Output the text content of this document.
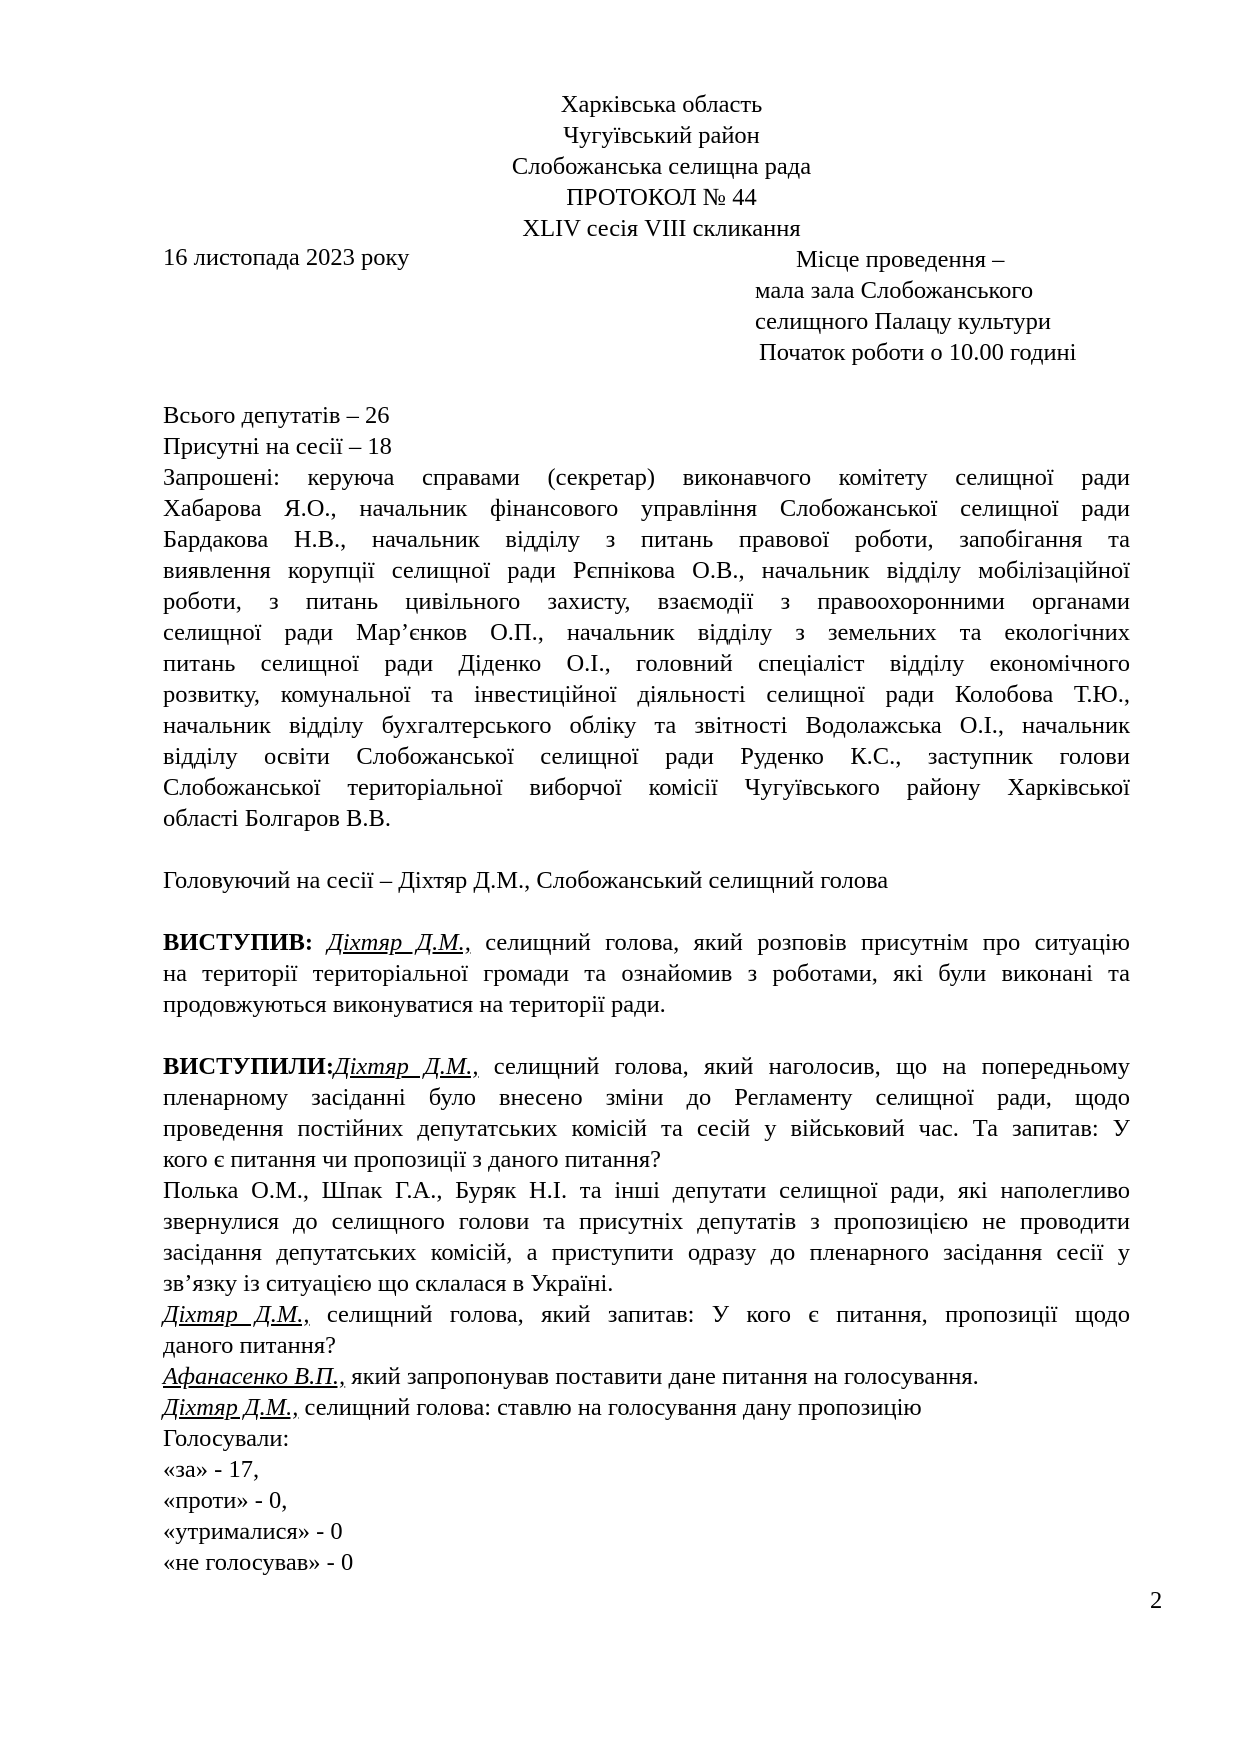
Харківська область
Чугуївський район
Слобожанська селищна рада
ПРОТОКОЛ № 44
XLIV сесія VIII скликання
16 листопада 2023 року	Місце проведення –
мала зала Слобожанського
селищного Палацу культури
Початок роботи о 10.00 годині
Всього депутатів – 26
Присутні на сесії – 18
Запрошені: керуюча справами (секретар) виконавчого комітету селищної ради
Хабарова Я.О., начальник фінансового управління Слобожанської селищної ради
Бардакова Н.В., начальник відділу з питань правової роботи, запобігання та
виявлення корупції селищної ради Рєпнікова О.В., начальник відділу мобілізаційної
роботи, з питань цивільного захисту, взаємодії з правоохоронними органами
селищної ради Мар’єнков О.П., начальник відділу з земельних та екологічних
питань селищної ради Діденко О.І., головний спеціаліст відділу економічного
розвитку, комунальної та інвестиційної діяльності селищної ради Колобова Т.Ю.,
начальник відділу бухгалтерського обліку та звітності Водолажська О.І., начальник
відділу освіти Слобожанської селищної ради Руденко К.С., заступник голови
Слобожанської територіальної виборчої комісії Чугуївського району Харківської
області Болгаров В.В.
Головуючий на сесії – Діхтяр Д.М., Слобожанський селищний голова
ВИСТУПИВ: Діхтяр Д.М., селищний голова, який розповів присутнім про ситуацію
на території територіальної громади та ознайомив з роботами, які були виконані та
продовжуються виконуватися на території ради.
ВИСТУПИЛИ:Діхтяр Д.М., селищний голова, який наголосив, що на попередньому
пленарному засіданні було внесено зміни до Регламенту селищної ради, щодо
проведення постійних депутатських комісій та сесій у військовий час. Та запитав: У
кого є питання чи пропозиції з даного питання?
Полька О.М., Шпак Г.А., Буряк Н.І. та інші депутати селищної ради, які наполегливо
звернулися до селищного голови та присутніх депутатів з пропозицією не проводити
засідання депутатських комісій, а приступити одразу до пленарного засідання сесії у
зв’язку із ситуацією що склалася в Україні.
Діхтяр Д.М., селищний голова, який запитав: У кого є питання, пропозиції щодо
даного питання?
Афанасенко В.П., який запропонував поставити дане питання на голосування.
Діхтяр Д.М., селищний голова: ставлю на голосування дану пропозицію
Голосували:
«за» - 17,
«проти» - 0,
«утрималися» - 0
«не голосував» - 0
2
